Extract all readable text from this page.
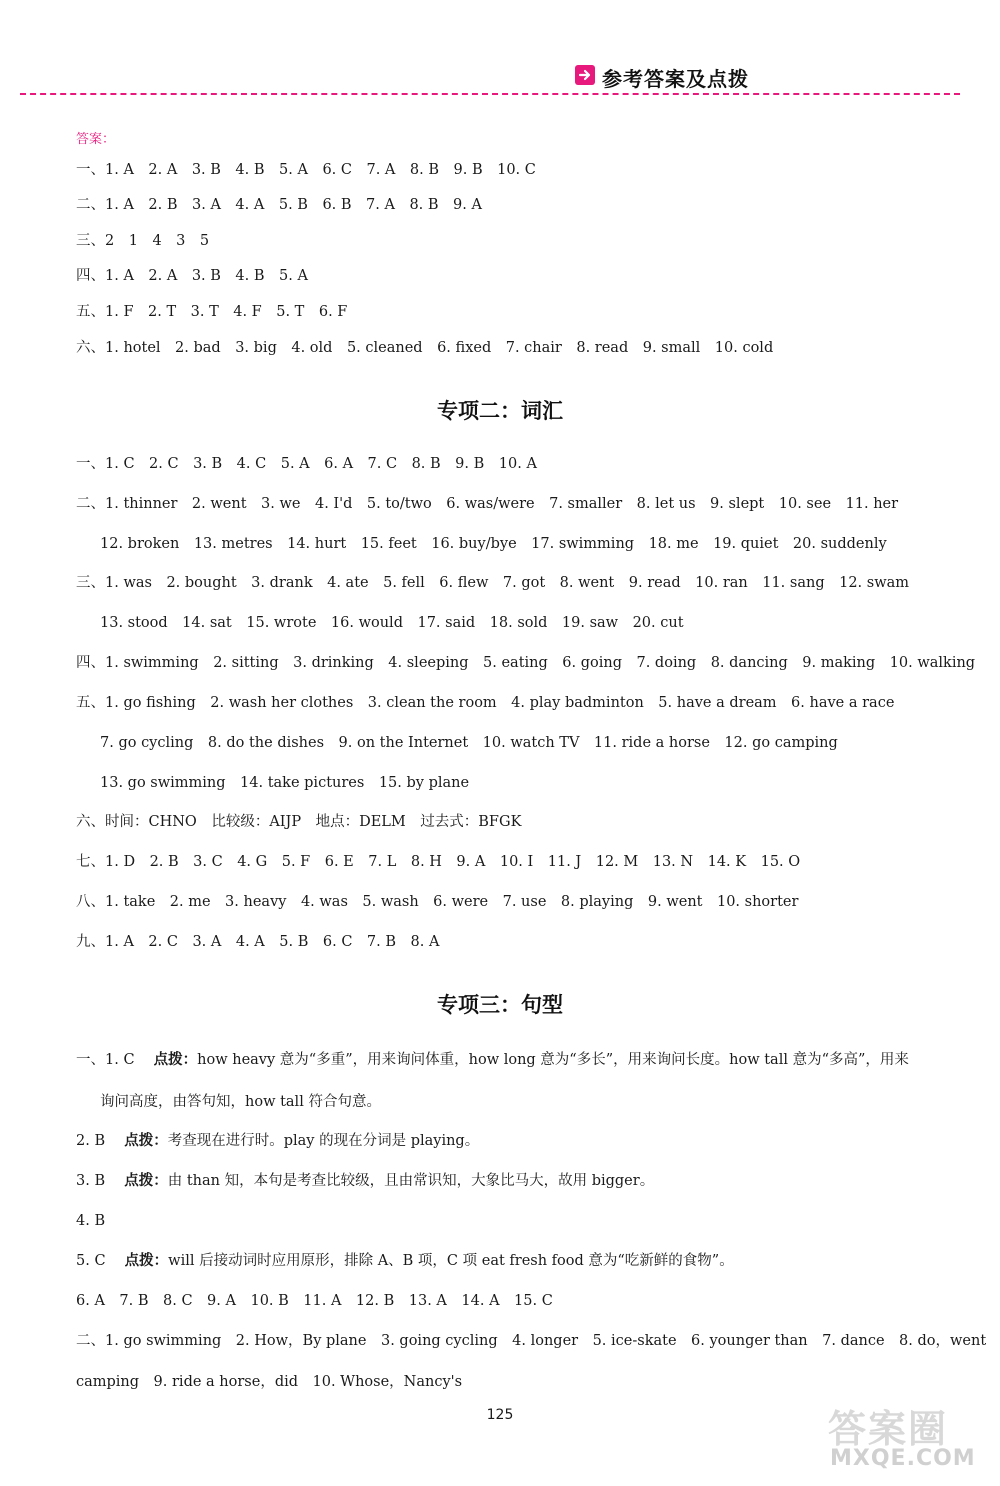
参考答案及点拨
答案：
一、1. A　2. A　3. B　4. B　5. A　6. C　7. A　8. B　9. B　10. C
二、1. A　2. B　3. A　4. A　5. B　6. B　7. A　8. B　9. A
三、2　1　4　3　5
四、1. A　2. A　3. B　4. B　5. A
五、1. F　2. T　3. T　4. F　5. T　6. F
六、1. hotel　2. bad　3. big　4. old　5. cleaned　6. fixed　7. chair　8. read　9. small　10. cold
专项二：词汇
一、1. C　2. C　3. B　4. C　5. A　6. A　7. C　8. B　9. B　10. A
二、1. thinner　2. went　3. we　4. I'd　5. to/two　6. was/were　7. smaller　8. let us　9. slept　10. see　11. her
12. broken　13. metres　14. hurt　15. feet　16. buy/bye　17. swimming　18. me　19. quiet　20. suddenly
三、1. was　2. bought　3. drank　4. ate　5. fell　6. flew　7. got　8. went　9. read　10. ran　11. sang　12. swam
13. stood　14. sat　15. wrote　16. would　17. said　18. sold　19. saw　20. cut
四、1. swimming　2. sitting　3. drinking　4. sleeping　5. eating　6. going　7. doing　8. dancing　9. making　10. walking
五、1. go fishing　2. wash her clothes　3. clean the room　4. play badminton　5. have a dream　6. have a race
7. go cycling　8. do the dishes　9. on the Internet　10. watch TV　11. ride a horse　12. go camping
13. go swimming　14. take pictures　15. by plane
六、时间：CHNO　比较级：AIJP　地点：DELM　过去式：BFGK
七、1. D　2. B　3. C　4. G　5. F　6. E　7. L　8. H　9. A　10. I　11. J　12. M　13. N　14. K　15. O
八、1. take　2. me　3. heavy　4. was　5. wash　6. were　7. use　8. playing　9. went　10. shorter
九、1. A　2. C　3. A　4. A　5. B　6. C　7. B　8. A
专项三：句型
一、1. C　 点拨：how heavy 意为“多重”，用来询问体重，how long 意为“多长”，用来询问长度。how tall 意为“多高”，用来
询问高度，由答句知，how tall 符合句意。
2. B　 点拨：考查现在进行时。play 的现在分词是 playing。
3. B　 点拨：由 than 知，本句是考查比较级，且由常识知，大象比马大，故用 bigger。
4. B
5. C　 点拨：will 后接动词时应用原形，排除 A、B 项，C 项 eat fresh food 意为“吃新鲜的食物”。
6. A　7. B　8. C　9. A　10. B　11. A　12. B　13. A　14. A　15. C
二、1. go swimming　2. How，By plane　3. going cycling　4. longer　5. ice-skate　6. younger than　7. dance　8. do，went
camping　9. ride a horse，did　10. Whose，Nancy's
125	答案圈
MXQE.COM
